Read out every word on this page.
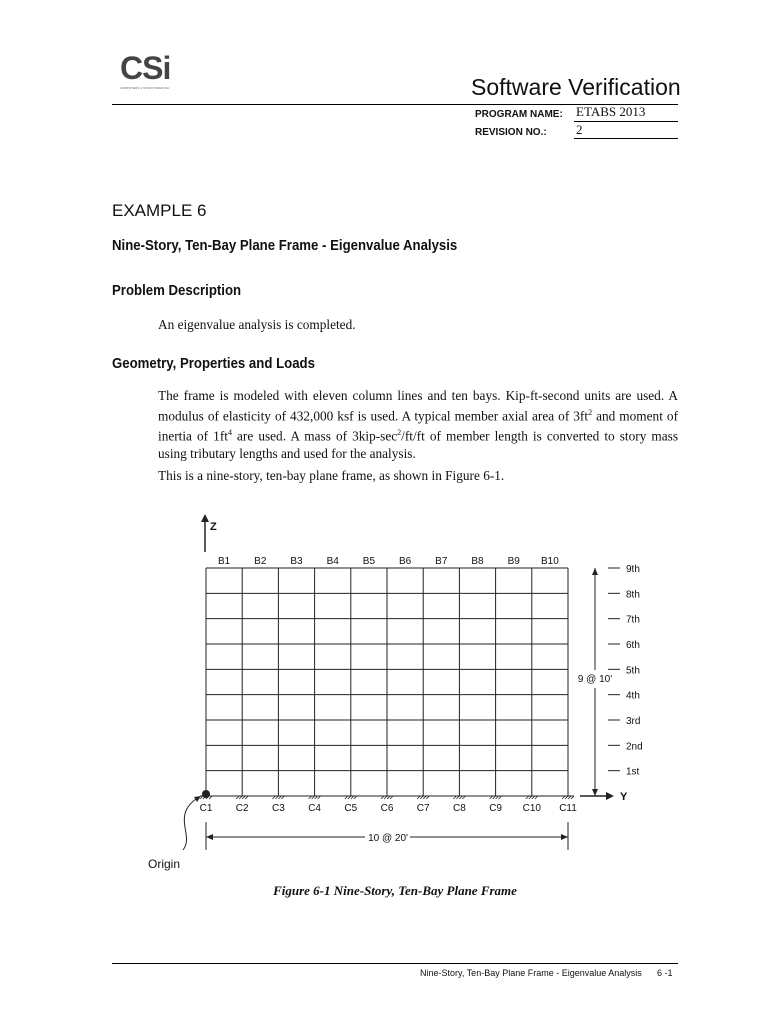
CSi
COMPUTERS & STRUCTURES INC.	Software Verification
PROGRAM NAME: ETABS 2013
REVISION NO.: 2
EXAMPLE 6
Nine-Story, Ten-Bay Plane Frame - Eigenvalue Analysis
Problem Description
An eigenvalue analysis is completed.
Geometry, Properties and Loads
The frame is modeled with eleven column lines and ten bays. Kip-ft-second units are used. A modulus of elasticity of 432,000 ksf is used. A typical member axial area of $3ft^2$ and moment of inertia of $1ft^4$ are used. A mass of $3kip-\sec^2/ft/ft$ of member length is converted to story mass using tributary lengths and used for the analysis.
This is a nine-story, ten-bay plane frame, as shown in Figure 6-1.
C1 C2 C3 C4 C5 C6 C7 C8 C9 C10 C11
B1 B2 B3 B4 B5 B6 B7 B8 B9 B10
9th
8th
7th
6th
5th
4th
3rd
2nd
1st
9 @ 10'
Y
Z
10 @ 20'
Origin
Figure 6-1 Nine-Story, Ten-Bay Plane Frame
Nine-Story, Ten-Bay Plane Frame - Eigenvalue Analysis 6 -1
